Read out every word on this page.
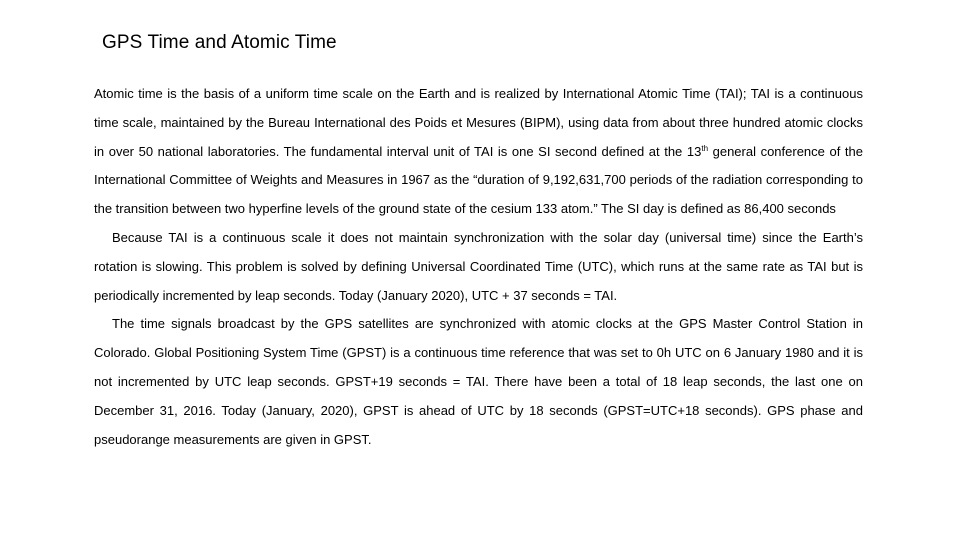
GPS Time and Atomic Time

Atomic time is the basis of a uniform time scale on the Earth and is realized by International Atomic Time (TAI); TAI is a continuous time scale, maintained by the Bureau International des Poids et Mesures (BIPM), using data from about three hundred atomic clocks in over 50 national laboratories. The fundamental interval unit of TAI is one SI second defined at the 13th general conference of the International Committee of Weights and Measures in 1967 as the “duration of 9,192,631,700 periods of the radiation corresponding to the transition between two hyperfine levels of the ground state of the cesium 133 atom.” The SI day is defined as 86,400 seconds

Because TAI is a continuous scale it does not maintain synchronization with the solar day (universal time) since the Earth’s rotation is slowing. This problem is solved by defining Universal Coordinated Time (UTC), which runs at the same rate as TAI but is periodically incremented by leap seconds. Today (January 2020), UTC + 37 seconds = TAI.

The time signals broadcast by the GPS satellites are synchronized with atomic clocks at the GPS Master Control Station in Colorado. Global Positioning System Time (GPST) is a continuous time reference that was set to 0h UTC on 6 January 1980 and it is not incremented by UTC leap seconds. GPST+19 seconds = TAI. There have been a total of 18 leap seconds, the last one on December 31, 2016. Today (January, 2020), GPST is ahead of UTC by 18 seconds (GPST=UTC+18 seconds). GPS phase and pseudorange measurements are given in GPST.
